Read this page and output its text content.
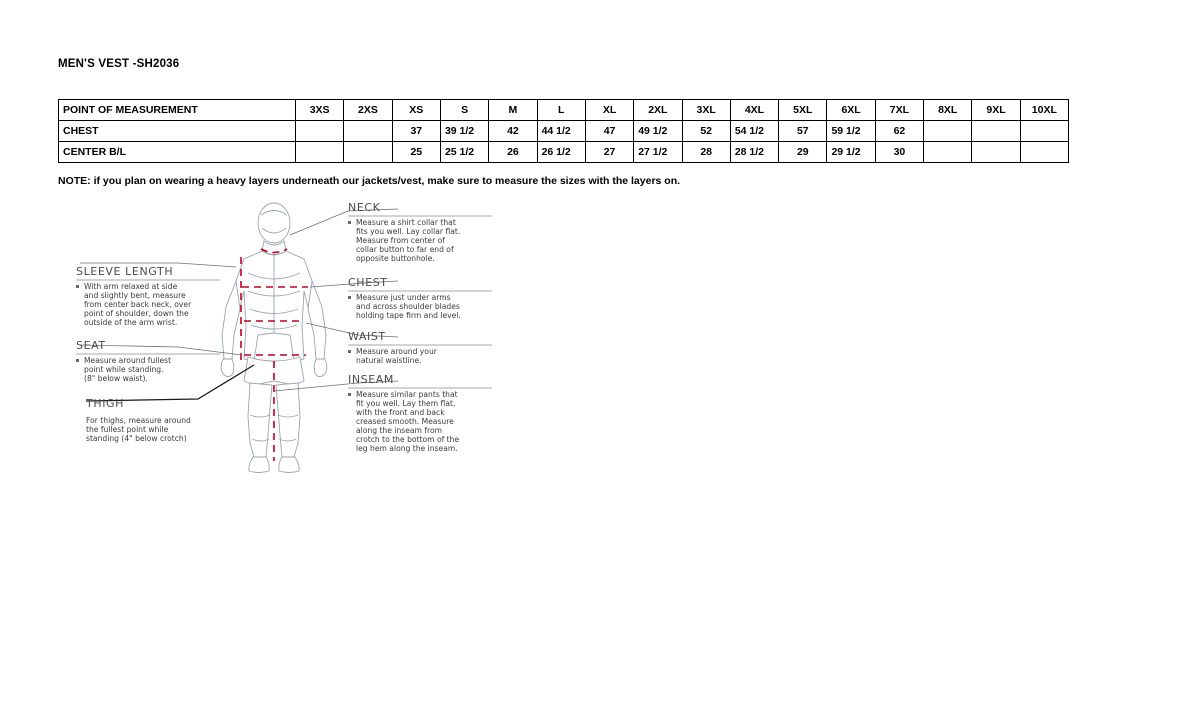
MEN'S VEST -SH2036
POINT OF MEASUREMENT	3XS	2XS	XS	S	M	L	XL	2XL	3XL	4XL	5XL	6XL	7XL	8XL	9XL	10XL
CHEST			37	39 1/2	42	44 1/2	47	49 1/2	52	54 1/2	57	59 1/2	62			
CENTER B/L			25	25 1/2	26	26 1/2	27	27 1/2	28	28 1/2	29	29 1/2	30			
NOTE: if you plan on wearing a heavy layers underneath our jackets/vest, make sure to measure the sizes with the layers on.
NECK
Measure a shirt collar that
fits you well. Lay collar flat.
Measure from center of
collar button to far end of
opposite buttonhole.
CHEST
Measure just under arms
and across shoulder blades
holding tape firm and level.
WAIST
Measure around your
natural waistline.
INSEAM
Measure similar pants that
fit you well. Lay them flat,
with the front and back
creased smooth. Measure
along the inseam from
crotch to the bottom of the
leg hem along the inseam.
SLEEVE LENGTH
With arm relaxed at side
and slightly bent, measure
from center back neck, over
point of shoulder, down the
outside of the arm wrist.
SEAT
Measure around fullest
point while standing.
(8" below waist).
THIGH
For thighs, measure around
the fullest point while
standing (4" below crotch)
